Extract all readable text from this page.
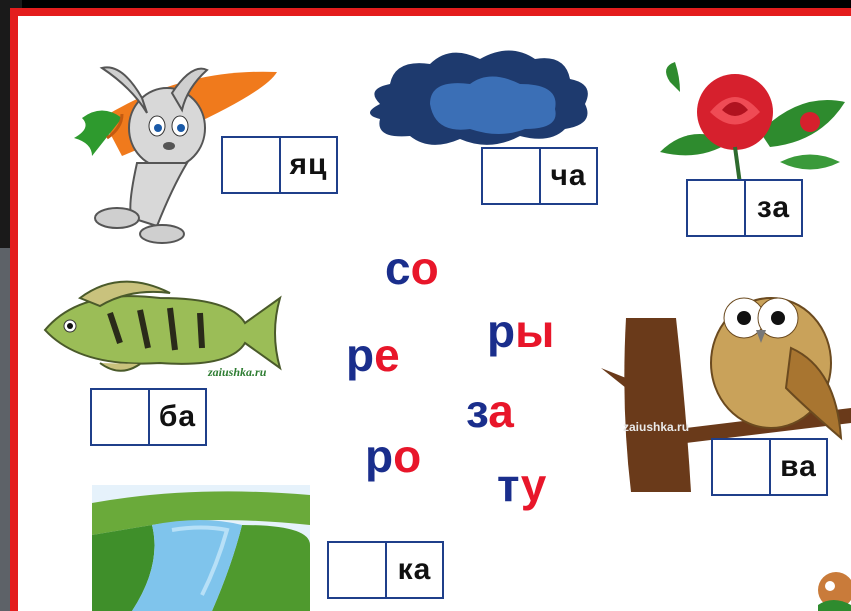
яц	ча
за
zaiushka.ru
ба	zaiushka.ru
ва
ка
со
ре ры
за
ро
ту
